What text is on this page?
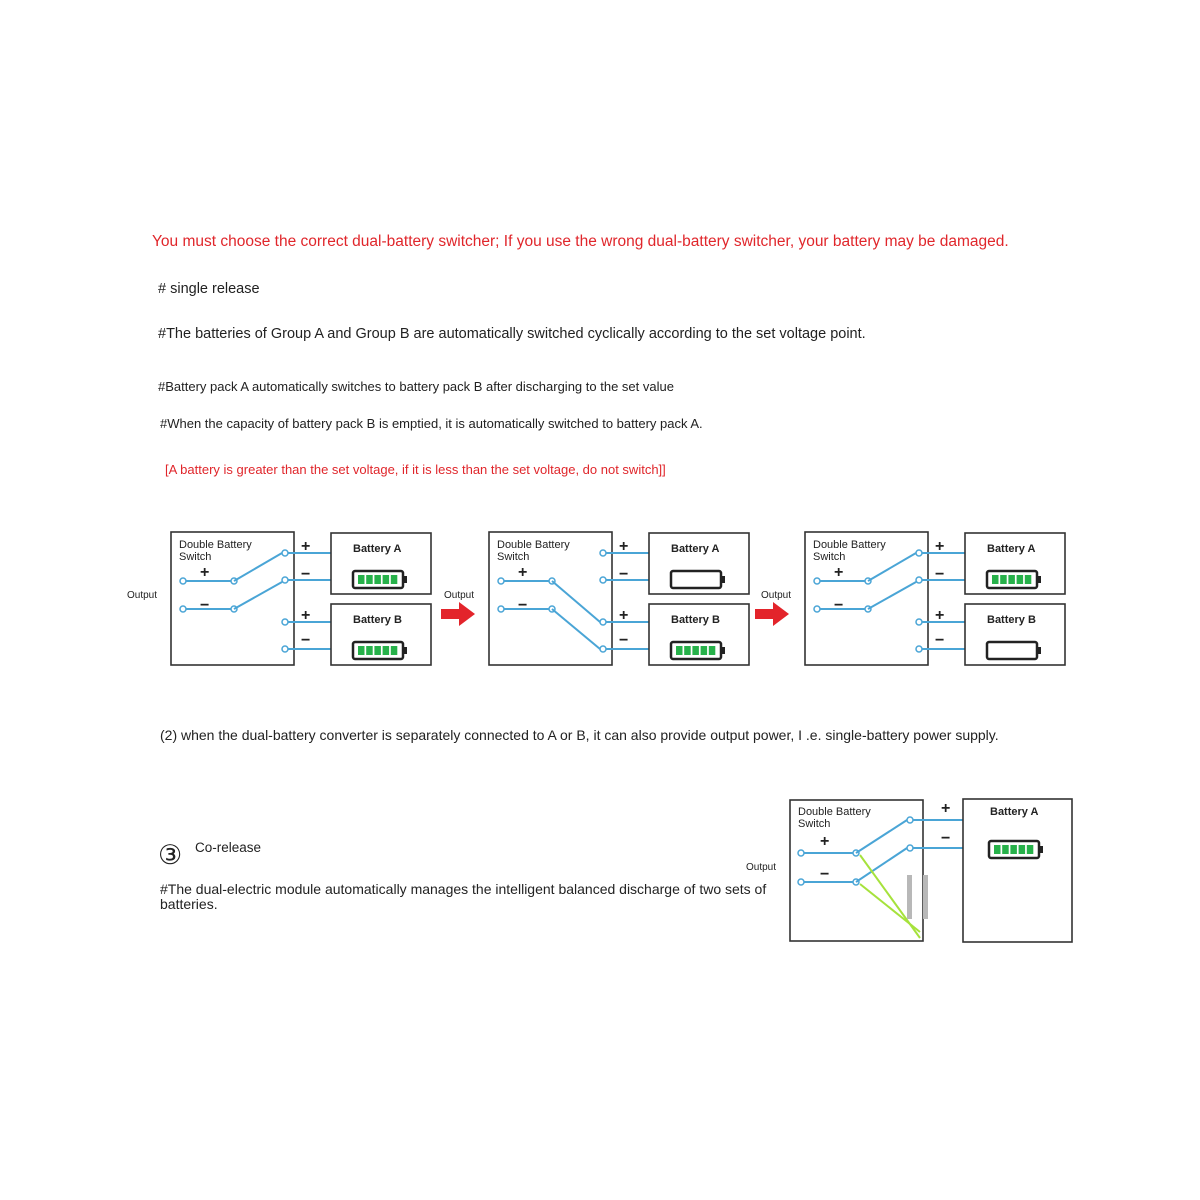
You must choose the correct dual-battery switcher; If you use the wrong dual-battery switcher, your battery may be damaged.

# single release

#The batteries of Group A and Group B are automatically switched cyclically according to the set voltage point.

#Battery pack A automatically switches to battery pack B after discharging to the set value

#When the capacity of battery pack B is emptied, it is automatically switched to battery pack A.

[A battery is greater than the set voltage, if it is less than the set voltage, do not switch]]

(2) when the dual-battery converter is separately connected to A or B, it can also provide output power, I .e. single-battery power supply.

③ Co-release

#The dual-electric module automatically manages the intelligent balanced discharge of two sets of batteries.

Output
Double Battery
Switch
+
−
+
−
+
−
Battery A
Battery B
Output
Double Battery
Switch
+
−
+
−
+
−
Battery A
Battery B
Output
Double Battery
Switch
+
−
+
−
+
−
Battery A
Battery B
Double Battery
Switch
+
−
+
−
Battery A
Output
